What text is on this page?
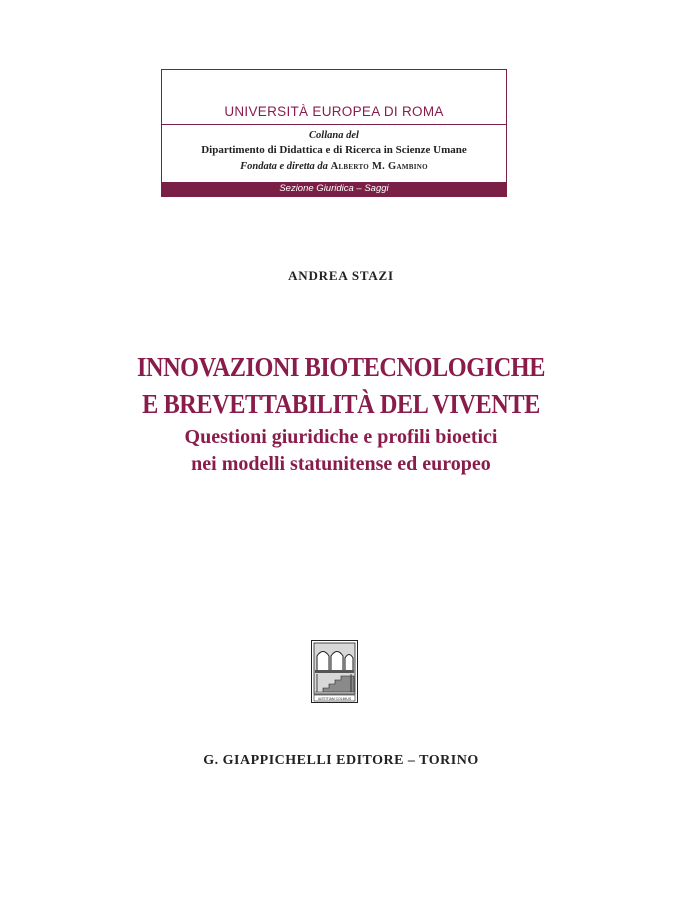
UNIVERSITÀ EUROPEA DI ROMA
Collana del
Dipartimento di Didattica e di Ricerca in Scienze Umane
Fondata e diretta da Alberto M. Gambino
Sezione Giuridica – Saggi
ANDREA STAZI
INNOVAZIONI BIOTECNOLOGICHE
E BREVETTABILITÀ DEL VIVENTE
Questioni giuridiche e profili bioetici
nei modelli statunitense ed europeo
IUSTITIAM COLIMUS
G. GIAPPICHELLI EDITORE – TORINO
